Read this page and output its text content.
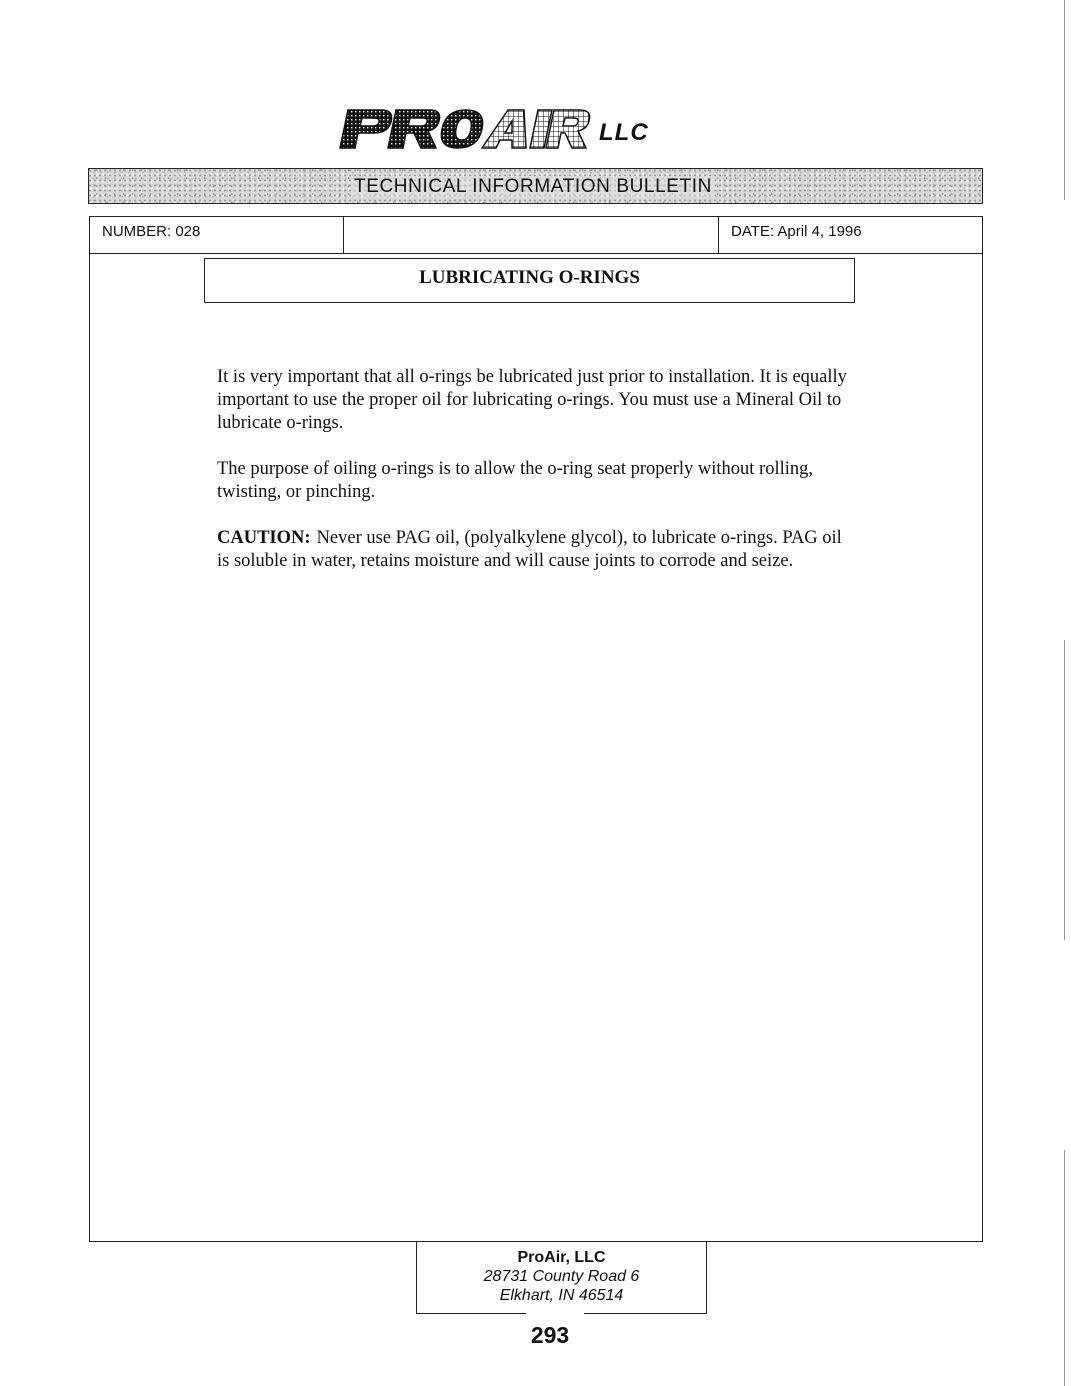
LLC
TECHNICAL INFORMATION BULLETIN
NUMBER: 028	DATE: April 4, 1996
LUBRICATING O-RINGS

It is very important that all o-rings be lubricated just prior to installation. It is equally important to use the proper oil for lubricating o-rings. You must use a Mineral Oil to lubricate o-rings.

The purpose of oiling o-rings is to allow the o-ring seat properly without rolling, twisting, or pinching.

CAUTION: Never use PAG oil, (polyalkylene glycol), to lubricate o-rings. PAG oil is soluble in water, retains moisture and will cause joints to corrode and seize.

ProAir, LLC
28731 County Road 6
Elkhart, IN 46514
293
